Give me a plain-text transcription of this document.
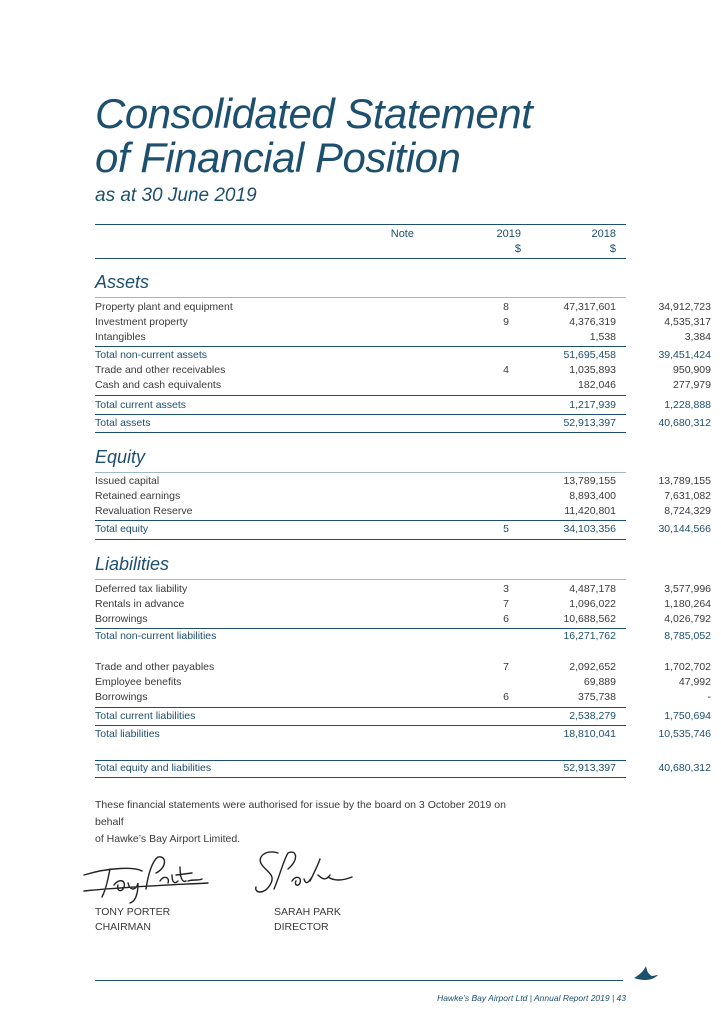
Consolidated Statement
of Financial Position
as at 30 June 2019
Note	2019	2018
$	$
Assets
Property plant and equipment	8	47,317,601	34,912,723
Investment property	9	4,376,319	4,535,317
Intangibles	1,538	3,384
Total non-current assets	51,695,458	39,451,424
Trade and other receivables	4	1,035,893	950,909
Cash and cash equivalents	182,046	277,979
Total current assets	1,217,939	1,228,888
Total assets	52,913,397	40,680,312
Equity
Issued capital	13,789,155	13,789,155
Retained earnings	8,893,400	7,631,082
Revaluation Reserve	11,420,801	8,724,329
Total equity	5	34,103,356	30,144,566
Liabilities
Deferred tax liability	3	4,487,178	3,577,996
Rentals in advance	7	1,096,022	1,180,264
Borrowings	6	10,688,562	4,026,792
Total non-current liabilities	16,271,762	8,785,052
Trade and other payables	7	2,092,652	1,702,702
Employee benefits	69,889	47,992
Borrowings	6	375,738	-
Total current liabilities	2,538,279	1,750,694
Total liabilities	18,810,041	10,535,746
Total equity and liabilities	52,913,397	40,680,312

These financial statements were authorised for issue by the board on 3 October 2019 on behalf
of Hawke’s Bay Airport Limited.

TONY PORTER
CHAIRMAN
SARAH PARK
DIRECTOR
Hawke’s Bay Airport Ltd | Annual Report 2019 | 43
